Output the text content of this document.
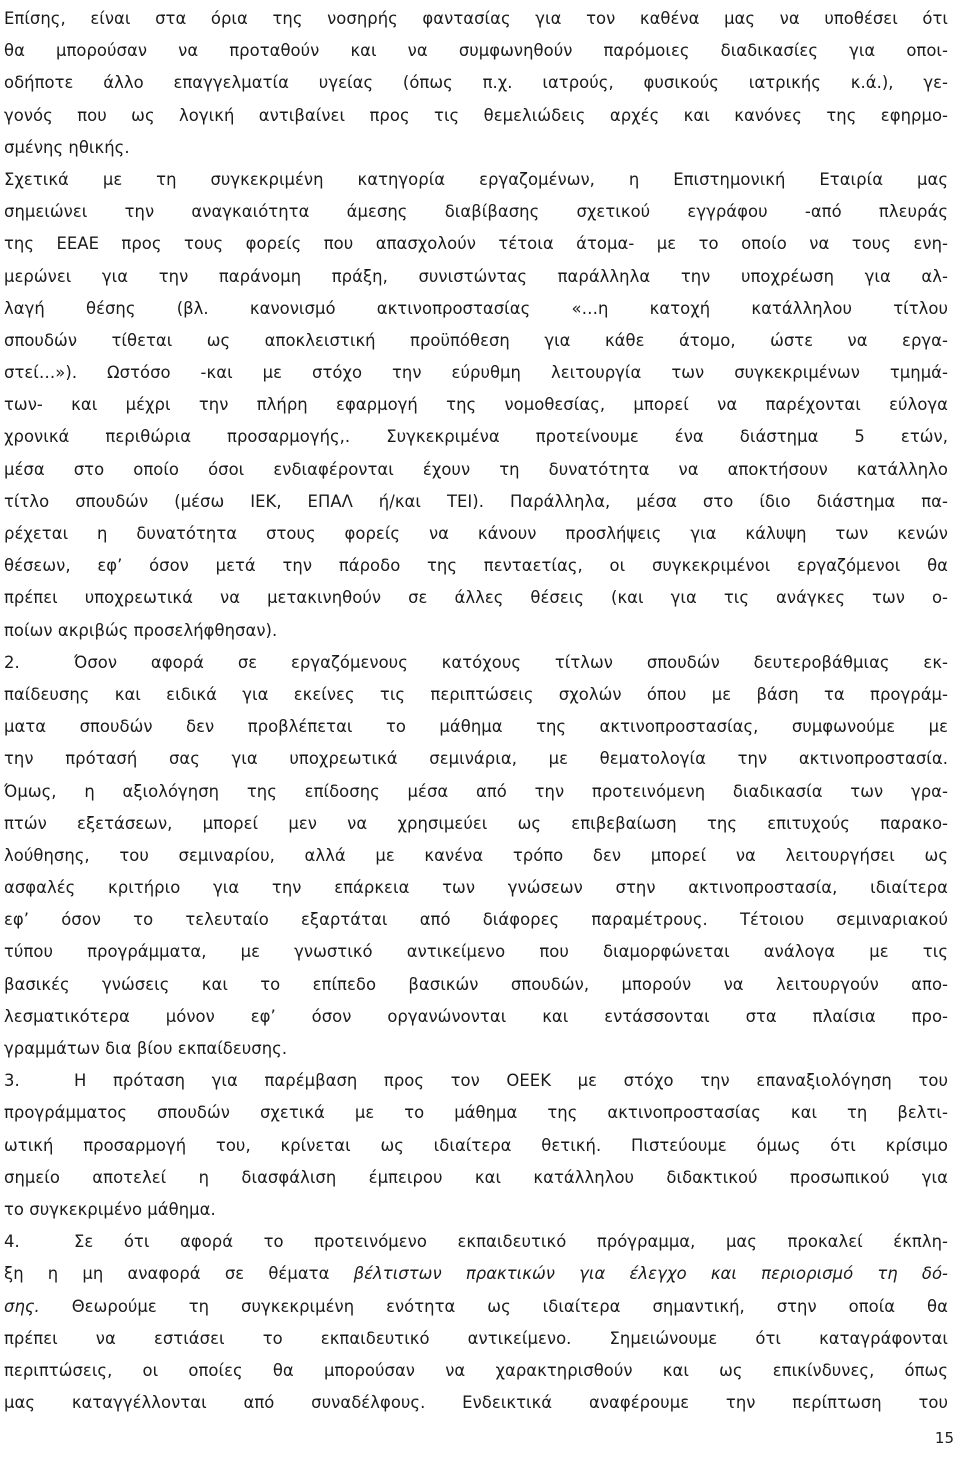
Επίσης, είναι στα όρια της νοσηρής φαντασίας για τον καθένα μας να υποθέσει ότι
θα μπορούσαν να προταθούν και να συμφωνηθούν παρόμοιες διαδικασίες για οποι-
οδήποτε άλλο επαγγελματία υγείας (όπως π.χ. ιατρούς, φυσικούς ιατρικής κ.ά.), γε-
γονός που ως λογική αντιβαίνει προς τις θεμελιώδεις αρχές και κανόνες της εφηρμο-
σμένης ηθικής.
Σχετικά με τη συγκεκριμένη κατηγορία εργαζομένων, η Επιστημονική Εταιρία μας
σημειώνει την αναγκαιότητα άμεσης διαβίβασης σχετικού εγγράφου -από πλευράς
της ΕΕΑΕ προς τους φορείς που απασχολούν τέτοια άτομα- με το οποίο να τους ενη-
μερώνει για την παράνομη πράξη, συνιστώντας παράλληλα την υποχρέωση για αλ-
λαγή θέσης (βλ. κανονισμό ακτινοπροστασίας «…η κατοχή κατάλληλου τίτλου
σπουδών τίθεται ως αποκλειστική προϋπόθεση για κάθε άτομο, ώστε να εργα-
στεί…»). Ωστόσο -και με στόχο την εύρυθμη λειτουργία των συγκεκριμένων τμημά-
των- και μέχρι την πλήρη εφαρμογή της νομοθεσίας, μπορεί να παρέχονται εύλογα
χρονικά περιθώρια προσαρμογής,. Συγκεκριμένα προτείνουμε ένα διάστημα 5 ετών,
μέσα στο οποίο όσοι ενδιαφέρονται έχουν τη δυνατότητα να αποκτήσουν κατάλληλο
τίτλο σπουδών (μέσω ΙΕΚ, ΕΠΑΛ ή/και ΤΕΙ). Παράλληλα, μέσα στο ίδιο διάστημα πα-
ρέχεται η δυνατότητα στους φορείς να κάνουν προσλήψεις για κάλυψη των κενών
θέσεων, εφ’ όσον μετά την πάροδο της πενταετίας, οι συγκεκριμένοι εργαζόμενοι θα
πρέπει υποχρεωτικά να μετακινηθούν σε άλλες θέσεις (και για τις ανάγκες των ο-
ποίων ακριβώς προσελήφθησαν).
2.	Όσον αφορά σε εργαζόμενους κατόχους τίτλων σπουδών δευτεροβάθμιας εκ-
παίδευσης και ειδικά για εκείνες τις περιπτώσεις σχολών όπου με βάση τα προγράμ-
ματα σπουδών δεν προβλέπεται το μάθημα της ακτινοπροστασίας, συμφωνούμε με
την πρότασή σας για υποχρεωτικά σεμινάρια, με θεματολογία την ακτινοπροστασία.
Όμως, η αξιολόγηση της επίδοσης μέσα από την προτεινόμενη διαδικασία των γρα-
πτών εξετάσεων, μπορεί μεν να χρησιμεύει ως επιβεβαίωση της επιτυχούς παρακο-
λούθησης, του σεμιναρίου, αλλά με κανένα τρόπο δεν μπορεί να λειτουργήσει ως
ασφαλές κριτήριο για την επάρκεια των γνώσεων στην ακτινοπροστασία, ιδιαίτερα
εφ’ όσον το τελευταίο εξαρτάται από διάφορες παραμέτρους. Τέτοιου σεμιναριακού
τύπου προγράμματα, με γνωστικό αντικείμενο που διαμορφώνεται ανάλογα με τις
βασικές γνώσεις και το επίπεδο βασικών σπουδών, μπορούν να λειτουργούν απο-
λεσματικότερα μόνον εφ’ όσον οργανώνονται και εντάσσονται στα πλαίσια προ-
γραμμάτων δια βίου εκπαίδευσης.
3.	Η πρόταση για παρέμβαση προς τον ΟΕΕΚ με στόχο την επαναξιολόγηση του
προγράμματος σπουδών σχετικά με το μάθημα της ακτινοπροστασίας και τη βελτι-
ωτική προσαρμογή του, κρίνεται ως ιδιαίτερα θετική. Πιστεύουμε όμως ότι κρίσιμο
σημείο αποτελεί η διασφάλιση έμπειρου και κατάλληλου διδακτικού προσωπικού για
το συγκεκριμένο μάθημα.
4.	Σε ότι αφορά το προτεινόμενο εκπαιδευτικό πρόγραμμα, μας προκαλεί έκπλη-
ξη η μη αναφορά σε θέματα βέλτιστων πρακτικών για έλεγχο και περιορισμό τη δό-
σης. Θεωρούμε τη συγκεκριμένη ενότητα ως ιδιαίτερα σημαντική, στην οποία θα
πρέπει να εστιάσει το εκπαιδευτικό αντικείμενο. Σημειώνουμε ότι καταγράφονται
περιπτώσεις, οι οποίες θα μπορούσαν να χαρακτηρισθούν και ως επικίνδυνες, όπως
μας καταγγέλλονται από συναδέλφους. Ενδεικτικά αναφέρουμε την περίπτωση του
15
